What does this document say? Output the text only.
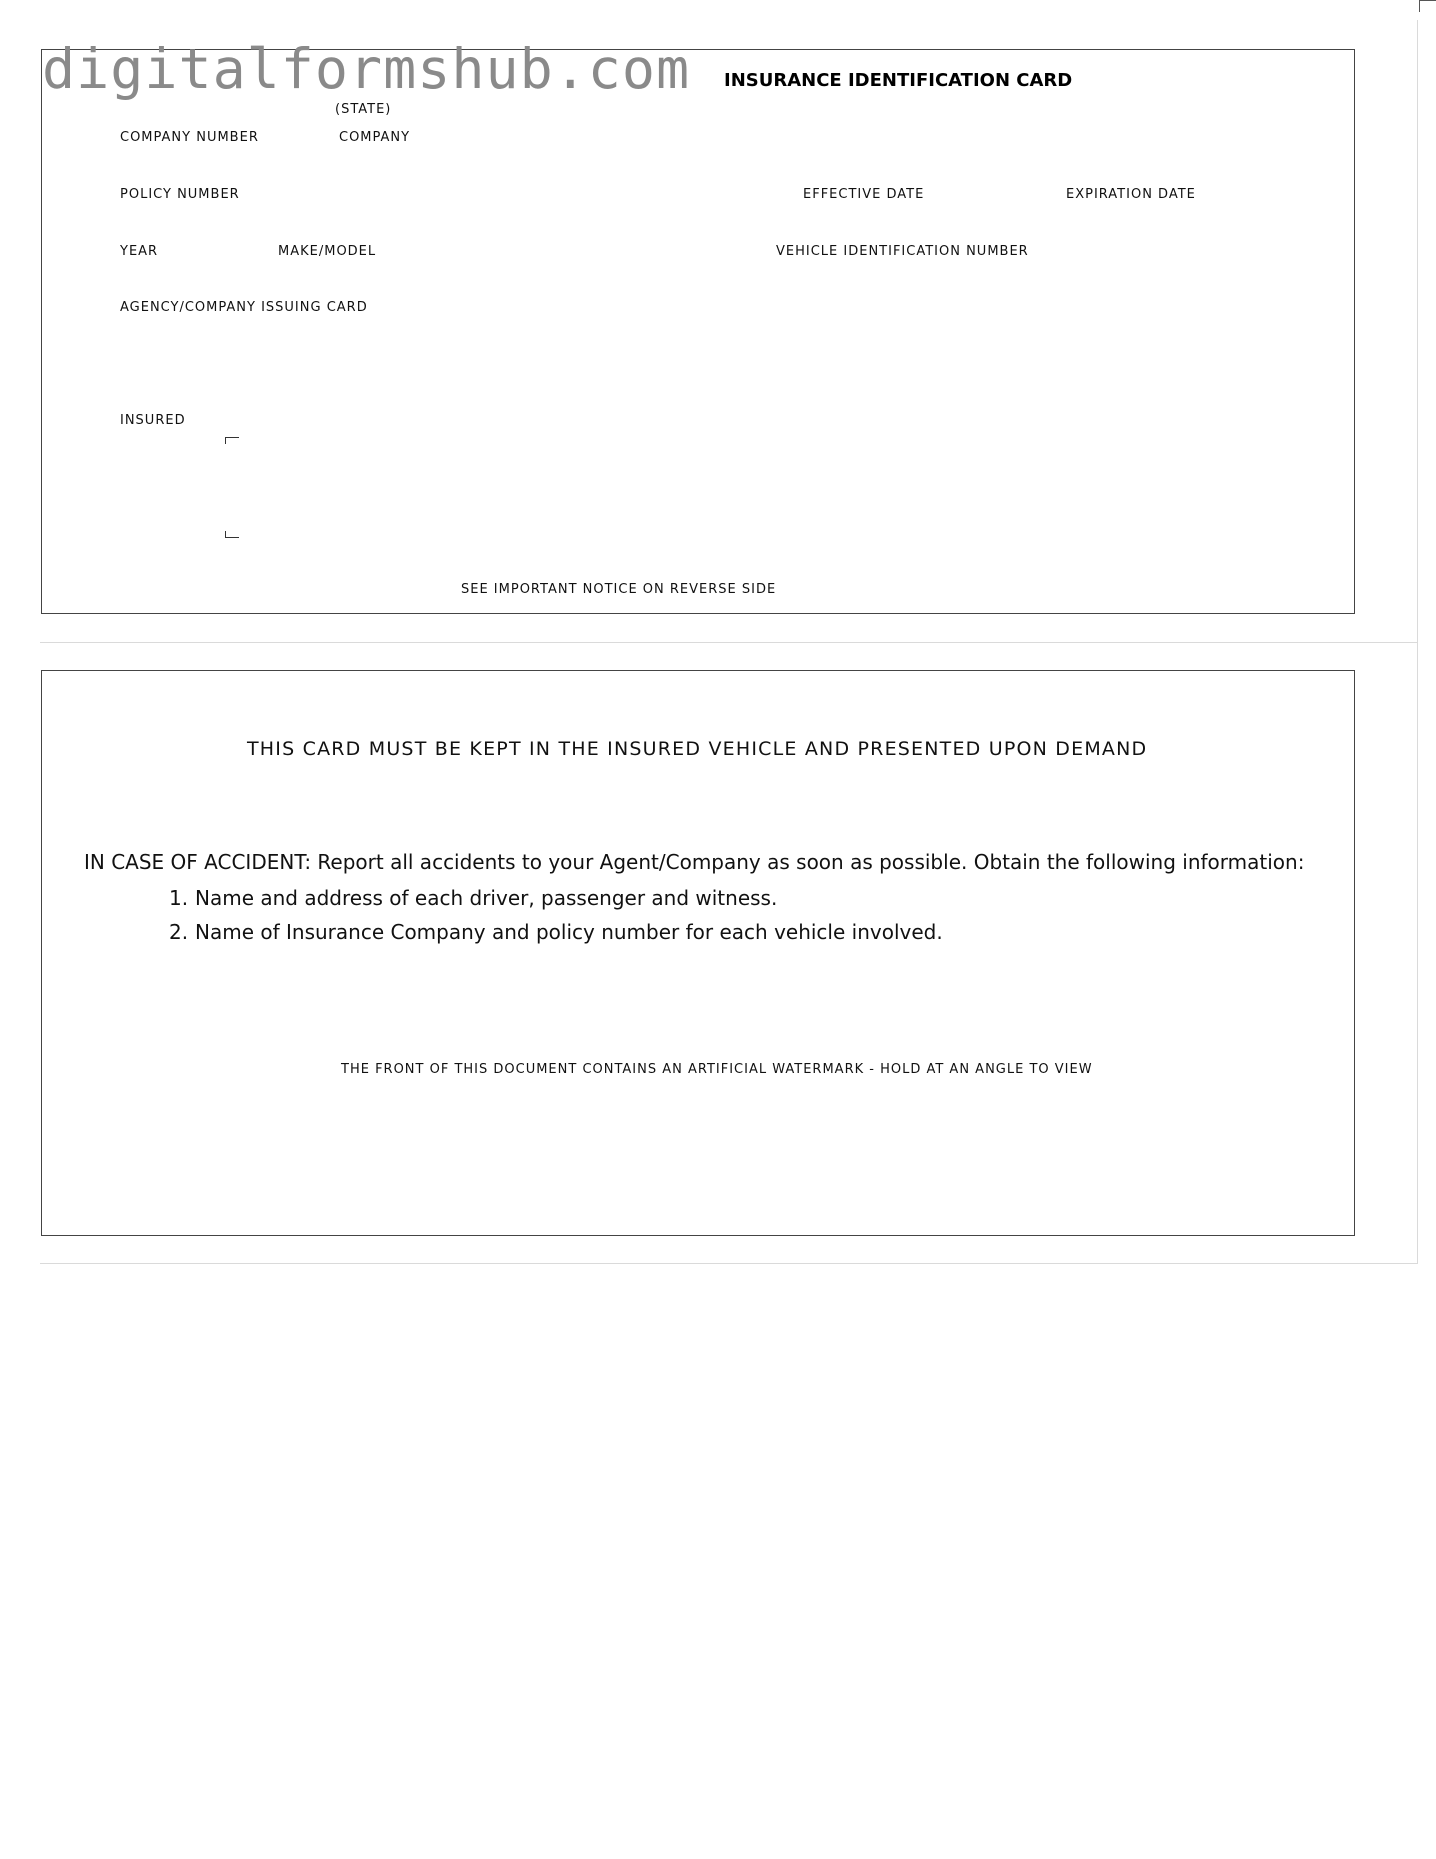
digitalformshub.com INSURANCE IDENTIFICATION CARD
(STATE)
COMPANY NUMBER	COMPANY
POLICY NUMBER	EFFECTIVE DATE	EXPIRATION DATE
YEAR	MAKE/MODEL	VEHICLE IDENTIFICATION NUMBER
AGENCY/COMPANY ISSUING CARD
INSURED
SEE IMPORTANT NOTICE ON REVERSE SIDE
THIS CARD MUST BE KEPT IN THE INSURED VEHICLE AND PRESENTED UPON DEMAND
IN CASE OF ACCIDENT: Report all accidents to your Agent/Company as soon as possible. Obtain the following information:
1. Name and address of each driver, passenger and witness.
2. Name of Insurance Company and policy number for each vehicle involved.
THE FRONT OF THIS DOCUMENT CONTAINS AN ARTIFICIAL WATERMARK - HOLD AT AN ANGLE TO VIEW
